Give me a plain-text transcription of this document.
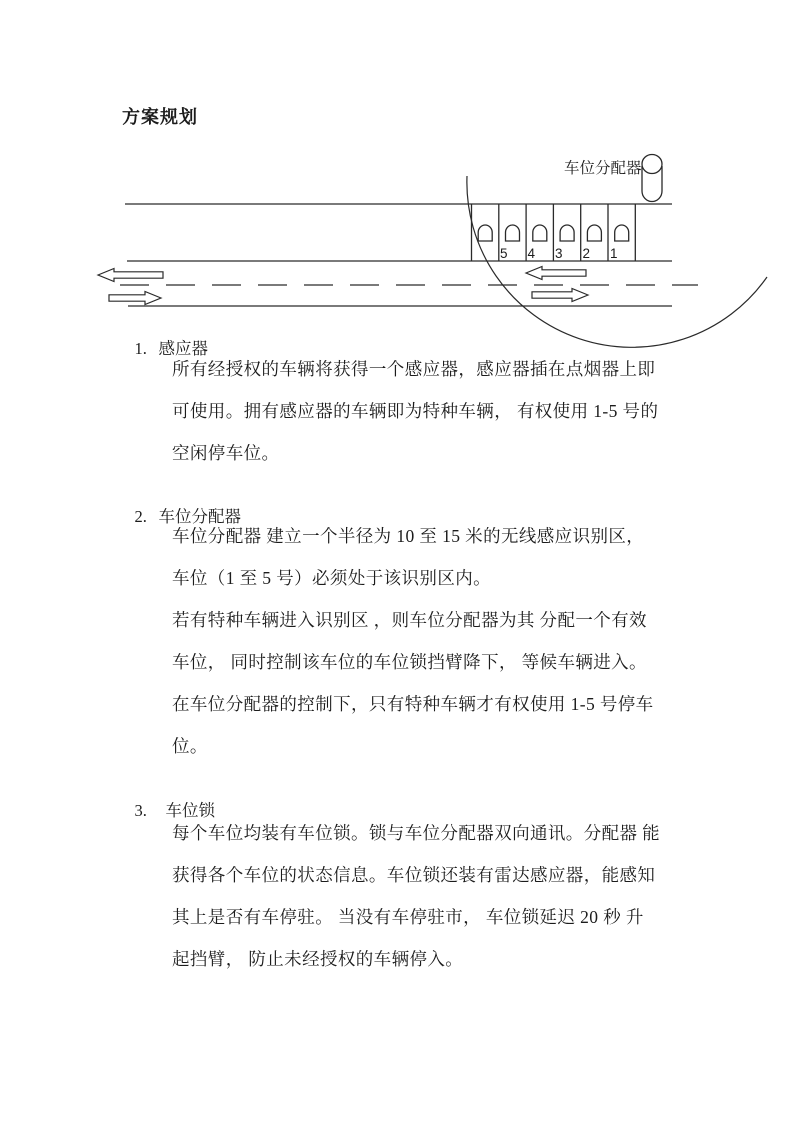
方案规划
车位分配器
5 4 3 2 1

1. 感应器

所有经授权的车辆将获得一个感应器，感应器插在点烟器上即
可使用。拥有感应器的车辆即为特种车辆， 有权使用 1-5 号的
空闲停车位。

2. 车位分配器

车位分配器 建立一个半径为 10 至 15 米的无线感应识别区，
车位（1 至 5 号）必须处于该识别区内。
若有特种车辆进入识别区 ，则车位分配器为其 分配一个有效
车位， 同时控制该车位的车位锁挡臂降下， 等候车辆进入。
在车位分配器的控制下，只有特种车辆才有权使用 1-5 号停车
位。

3. 车位锁

每个车位均装有车位锁。锁与车位分配器双向通讯。分配器 能
获得各个车位的状态信息。车位锁还装有雷达感应器，能感知
其上是否有车停驻。 当没有车停驻市， 车位锁延迟 20 秒 升
起挡臂， 防止未经授权的车辆停入。
